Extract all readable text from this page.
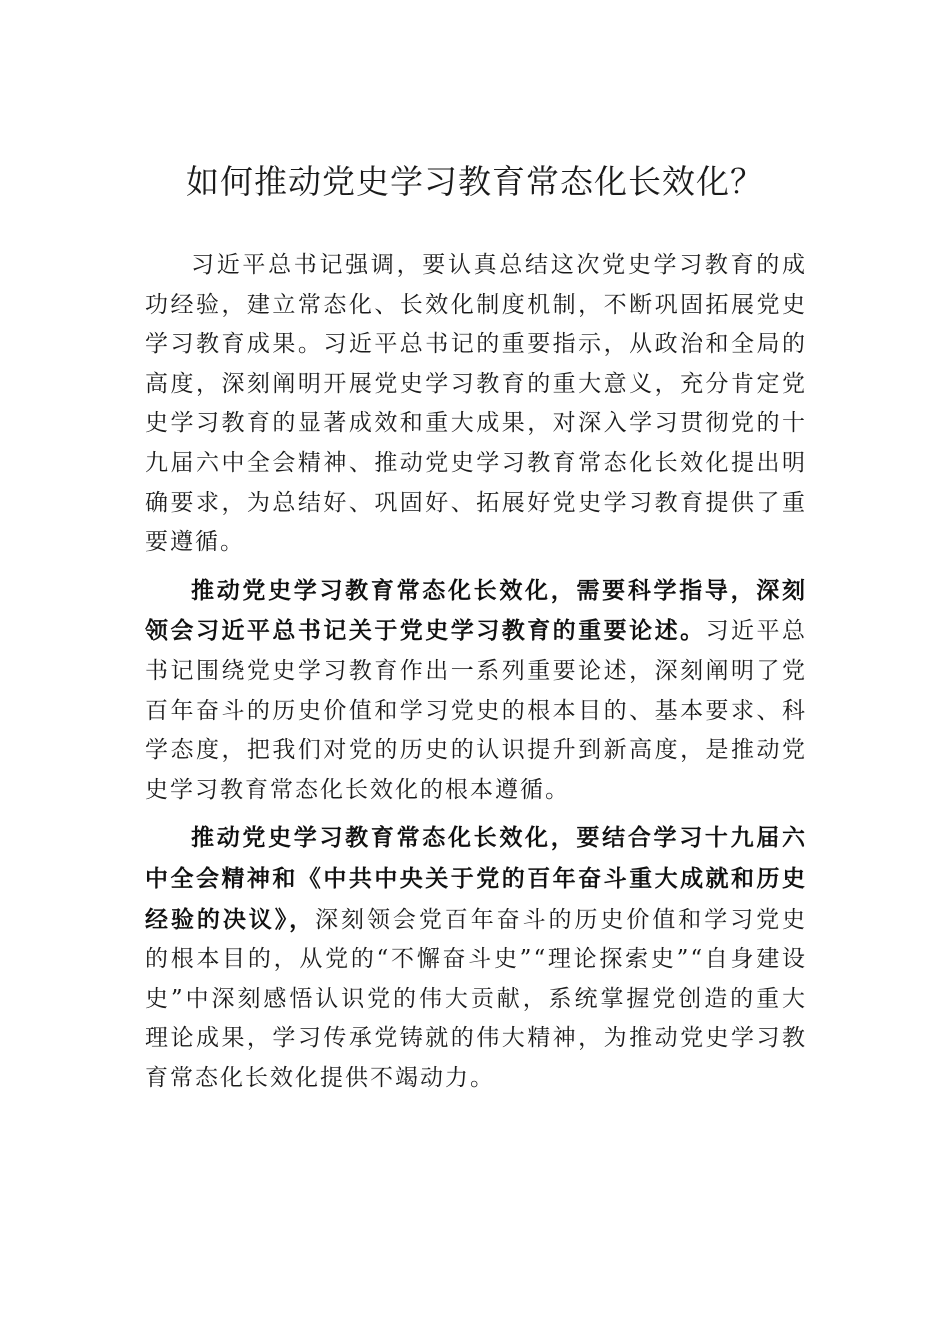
如何推动党史学习教育常态化长效化？

习近平总书记强调，要认真总结这次党史学习教育的成功经验，建立常态化、长效化制度机制，不断巩固拓展党史学习教育成果。习近平总书记的重要指示，从政治和全局的高度，深刻阐明开展党史学习教育的重大意义，充分肯定党史学习教育的显著成效和重大成果，对深入学习贯彻党的十九届六中全会精神、推动党史学习教育常态化长效化提出明确要求，为总结好、巩固好、拓展好党史学习教育提供了重要遵循。

推动党史学习教育常态化长效化，需要科学指导，深刻领会习近平总书记关于党史学习教育的重要论述。习近平总书记围绕党史学习教育作出一系列重要论述，深刻阐明了党百年奋斗的历史价值和学习党史的根本目的、基本要求、科学态度，把我们对党的历史的认识提升到新高度，是推动党史学习教育常态化长效化的根本遵循。

推动党史学习教育常态化长效化，要结合学习十九届六 中全会精神和《中共中央关于党的百年奋斗重大成就和历史 经验的决议》，深刻领会党百年奋斗的历史价值和学习党史的根本目的，从党的“不懈奋斗史”“理论探索史”“自身建设史”中深刻感悟认识党的伟大贡献，系统掌握党创造的重大理论成果，学习传承党铸就的伟大精神，为推动党史学习教育常态化长效化提供不竭动力。
